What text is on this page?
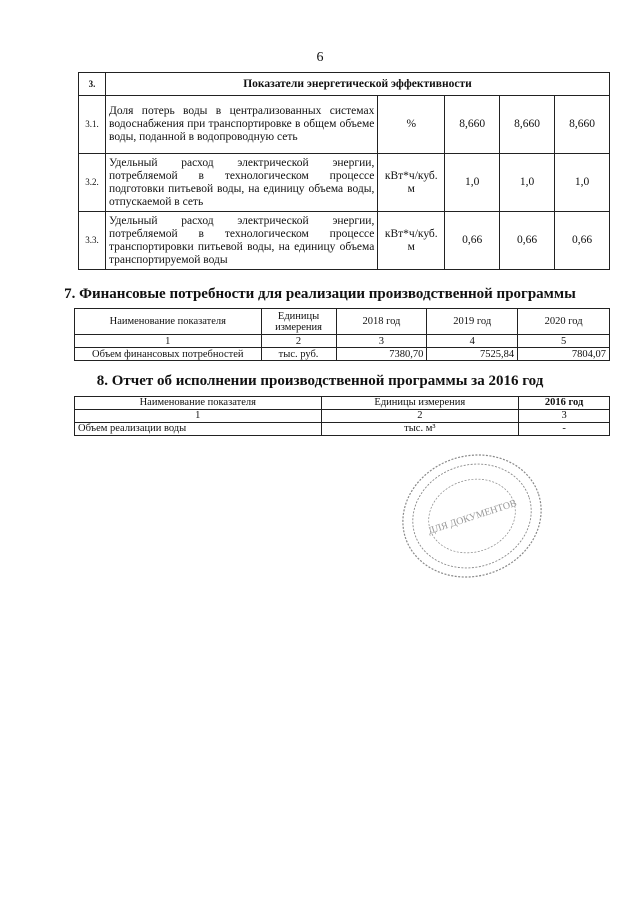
6
3.	Показатели энергетической эффективности				
3.1.	Доля потерь воды в централизованных системах водоснабжения при транспортировке в общем объеме воды, поданной в водопроводную сеть	%	8,660	8,660	8,660
3.2.	Удельный расход электрической энергии, потребляемой в технологическом процессе подготовки питьевой воды, на единицу объема воды, отпускаемой в сеть	кВт*ч/куб. м	1,0	1,0	1,0
3.3.	Удельный расход электрической энергии, потребляемой в технологическом процессе транспортировки питьевой воды, на единицу объема транспортируемой воды	кВт*ч/куб. м	0,66	0,66	0,66
7. Финансовые потребности для реализации производственной программы
Наименование показателя	Единицы измерения	2018 год	2019 год	2020 год
1	2	3	4	5
Объем финансовых потребностей	тыс. руб.	7380,70	7525,84	7804,07
8. Отчет об исполнении производственной программы за 2016 год
Наименование показателя	Единицы измерения	2016 год
1	2	3
Объем реализации воды	тыс. м³	-
ДЛЯ ДОКУМЕНТОВ
